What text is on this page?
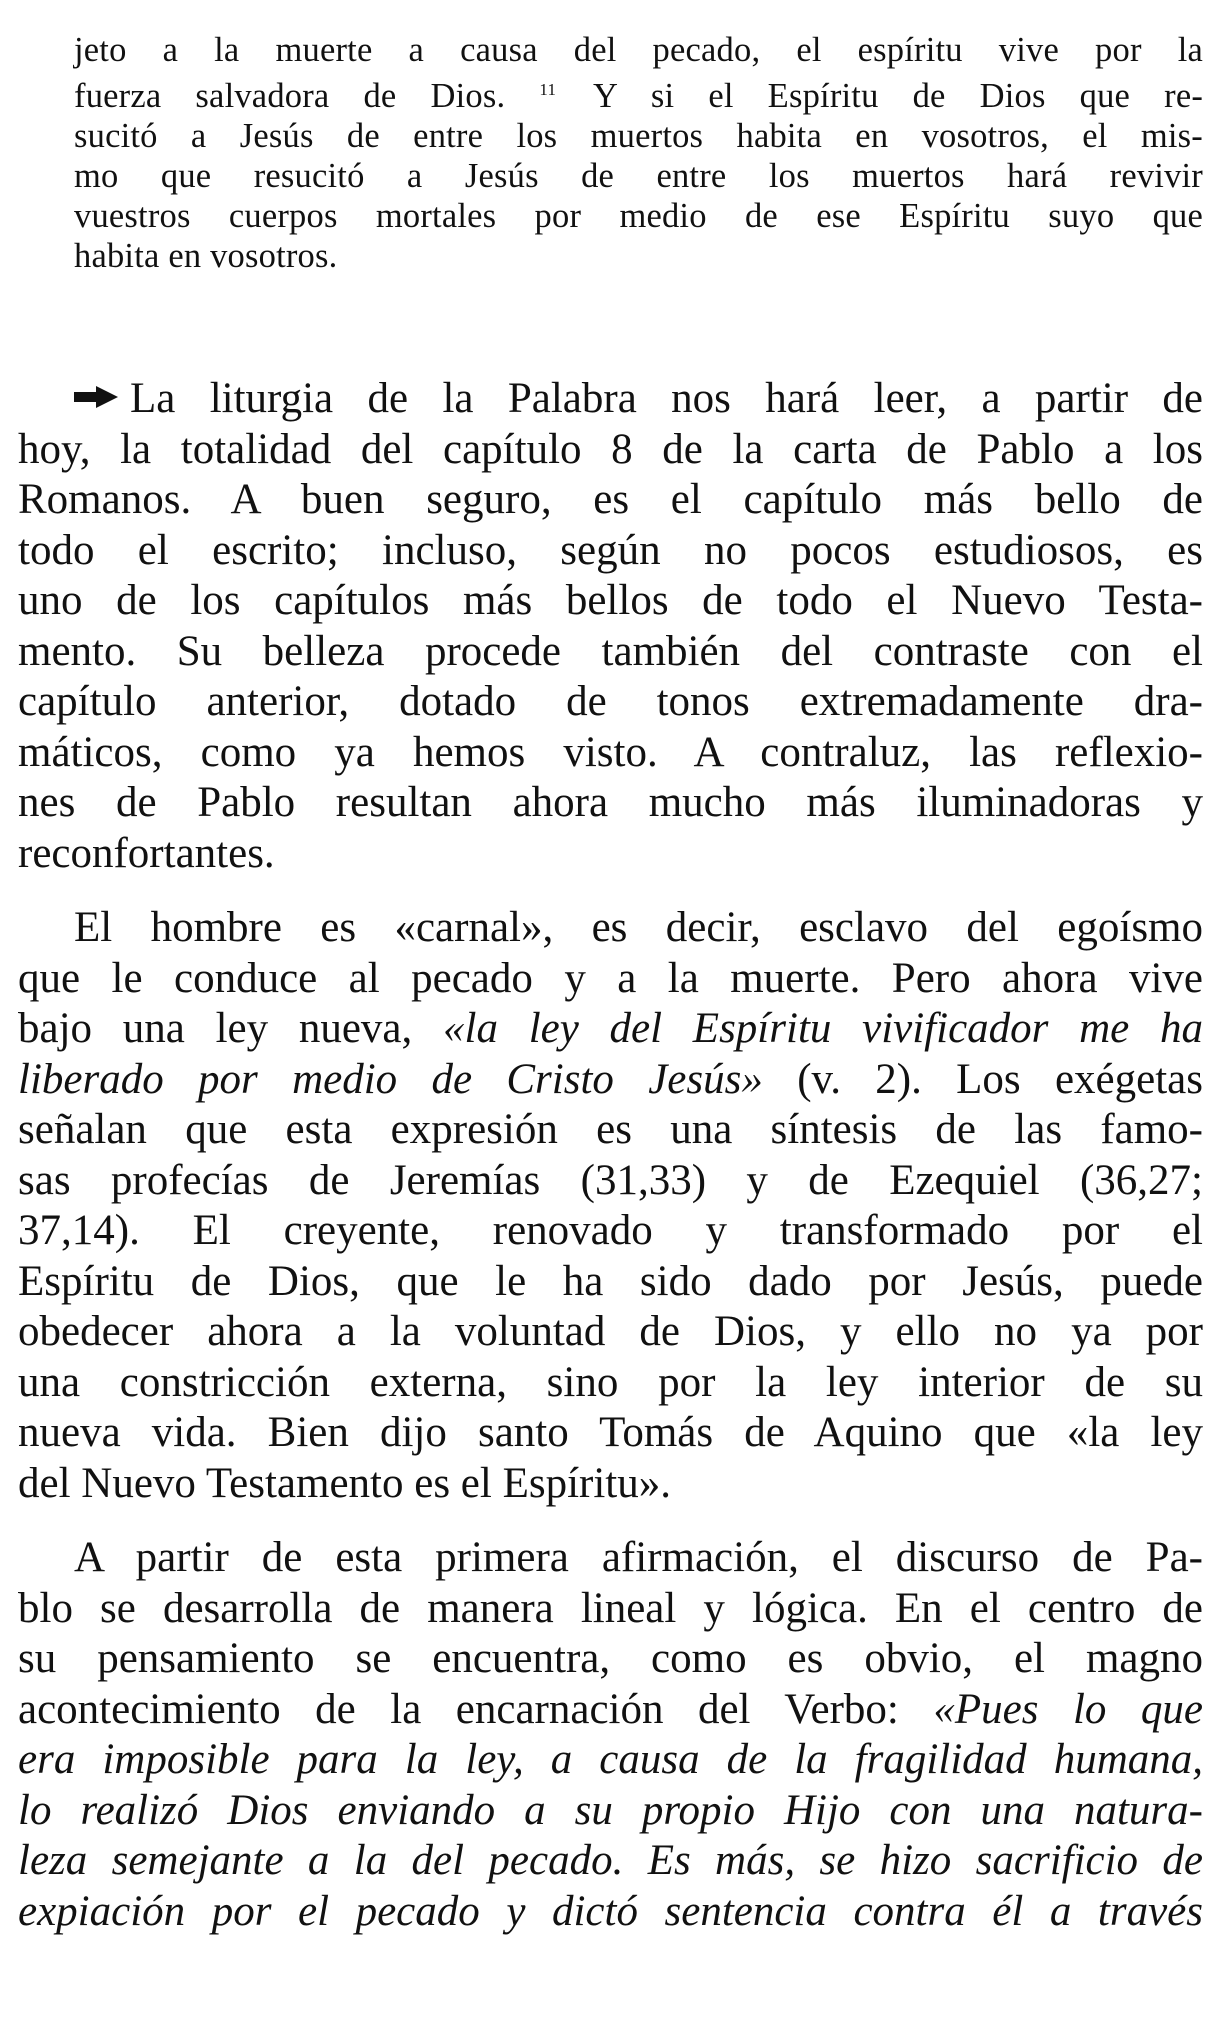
jeto a la muerte a causa del pecado, el espíritu vive por la
fuerza salvadora de Dios. $^{11}$ Y si el Espíritu de Dios que re-
sucitó a Jesús de entre los muertos habita en vosotros, el mis-
mo que resucitó a Jesús de entre los muertos hará revivir
vuestros cuerpos mortales por medio de ese Espíritu suyo que
habita en vosotros.
La liturgia de la Palabra nos hará leer, a partir de
hoy, la totalidad del capítulo 8 de la carta de Pablo a los
Romanos. A buen seguro, es el capítulo más bello de
todo el escrito; incluso, según no pocos estudiosos, es
uno de los capítulos más bellos de todo el Nuevo Testa-
mento. Su belleza procede también del contraste con el
capítulo anterior, dotado de tonos extremadamente dra-
máticos, como ya hemos visto. A contraluz, las reflexio-
nes de Pablo resultan ahora mucho más iluminadoras y
reconfortantes.
El hombre es «carnal», es decir, esclavo del egoísmo
que le conduce al pecado y a la muerte. Pero ahora vive
bajo una ley nueva, «la ley del Espíritu vivificador me ha
liberado por medio de Cristo Jesús» (v. 2). Los exégetas
señalan que esta expresión es una síntesis de las famo-
sas profecías de Jeremías (31,33) y de Ezequiel (36,27;
37,14). El creyente, renovado y transformado por el
Espíritu de Dios, que le ha sido dado por Jesús, puede
obedecer ahora a la voluntad de Dios, y ello no ya por
una constricción externa, sino por la ley interior de su
nueva vida. Bien dijo santo Tomás de Aquino que «la ley
del Nuevo Testamento es el Espíritu».
A partir de esta primera afirmación, el discurso de Pa-
blo se desarrolla de manera lineal y lógica. En el centro de
su pensamiento se encuentra, como es obvio, el magno
acontecimiento de la encarnación del Verbo: «Pues lo que
era imposible para la ley, a causa de la fragilidad humana,
lo realizó Dios enviando a su propio Hijo con una natura-
leza semejante a la del pecado. Es más, se hizo sacrificio de
expiación por el pecado y dictó sentencia contra él a través
